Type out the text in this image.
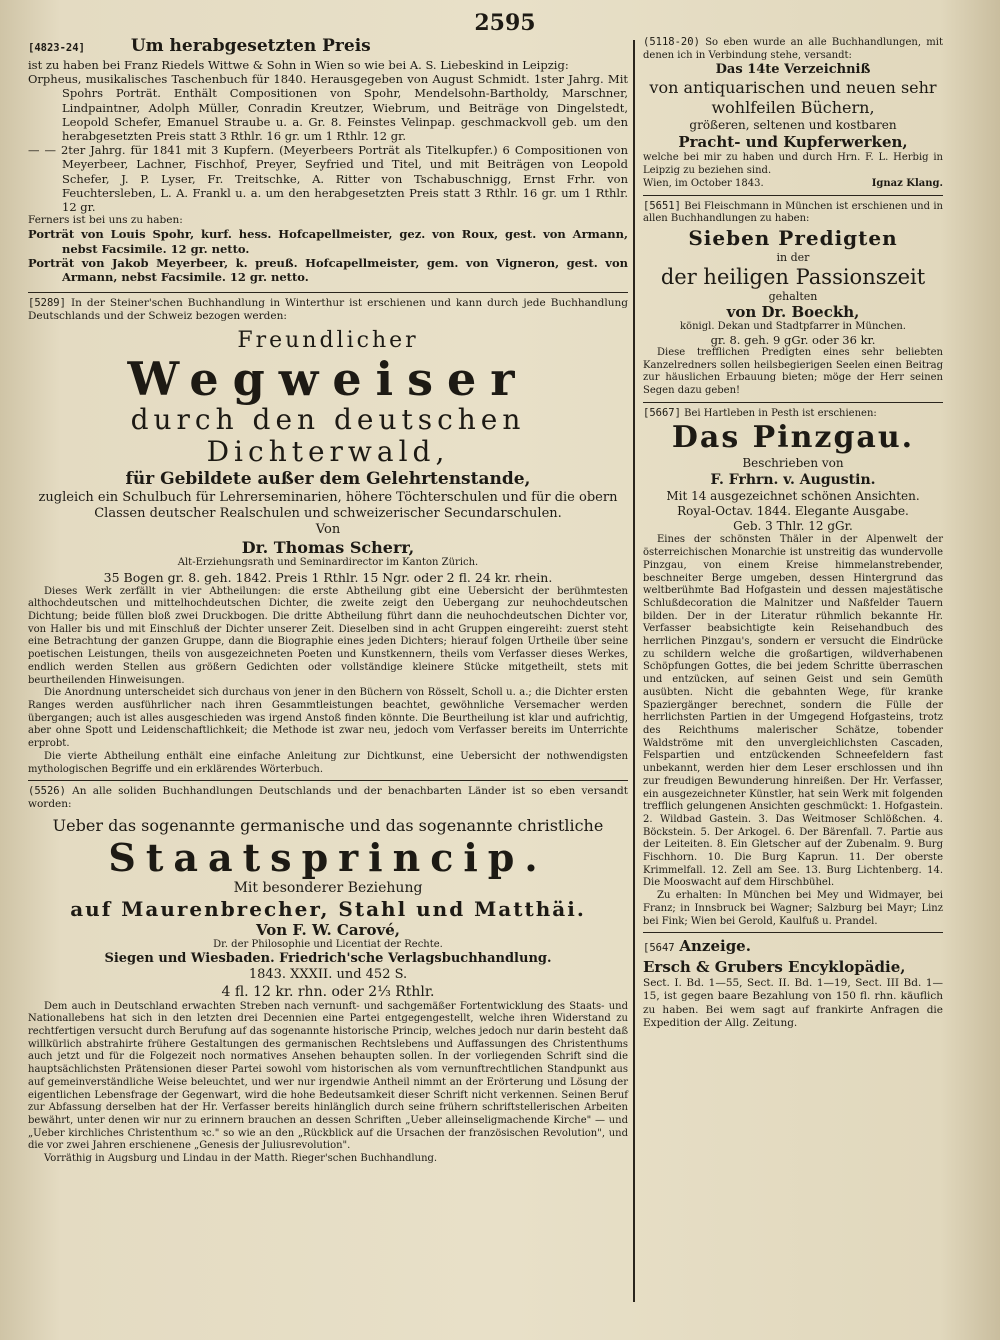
2595

[4823-24]	Um herabgesetzten Preis

ist zu haben bei Franz Riedels Wittwe & Sohn in Wien so wie bei A. S. Liebeskind in Leipzig:

Orpheus, musikalisches Taschenbuch für 1840. Herausgegeben von August Schmidt. 1ster Jahrg. Mit Spohrs Porträt. Enthält Compositionen von Spohr, Mendelsohn-Bartholdy, Marschner, Lindpaintner, Adolph Müller, Conradin Kreutzer, Wiebrum, und Beiträge von Dingelstedt, Leopold Schefer, Emanuel Straube u. a. Gr. 8. Feinstes Velinpap. geschmackvoll geb. um den herabgesetzten Preis statt 3 Rthlr. 16 gr. um 1 Rthlr. 12 gr.

— — 2ter Jahrg. für 1841 mit 3 Kupfern. (Meyerbeers Porträt als Titelkupfer.) 6 Compositionen von Meyerbeer, Lachner, Fischhof, Preyer, Seyfried und Titel, und mit Beiträgen von Leopold Schefer, J. P. Lyser, Fr. Treitschke, A. Ritter von Tschabuschnigg, Ernst Frhr. von Feuchtersleben, L. A. Frankl u. a. um den herabgesetzten Preis statt 3 Rthlr. 16 gr. um 1 Rthlr. 12 gr.

Ferners ist bei uns zu haben:

Porträt von Louis Spohr, kurf. hess. Hofcapellmeister, gez. von Roux, gest. von Armann, nebst Facsimile. 12 gr. netto.

Porträt von Jakob Meyerbeer, k. preuß. Hofcapellmeister, gem. von Vigneron, gest. von Armann, nebst Facsimile. 12 gr. netto.

[5289] In der Steiner'schen Buchhandlung in Winterthur ist erschienen und kann durch jede Buchhandlung Deutschlands und der Schweiz bezogen werden:

Freundlicher

Wegweiser

durch den deutschen Dichterwald,

für Gebildete außer dem Gelehrtenstande,

zugleich ein Schulbuch für Lehrerseminarien, höhere Töchterschulen und für die obern Classen deutscher Realschulen und schweizerischer Secundarschulen.

Von

Dr. Thomas Scherr,

Alt-Erziehungsrath und Seminardirector im Kanton Zürich.

35 Bogen gr. 8. geh. 1842. Preis 1 Rthlr. 15 Ngr. oder 2 fl. 24 kr. rhein.

Dieses Werk zerfällt in vier Abtheilungen: die erste Abtheilung gibt eine Uebersicht der berühmtesten althochdeutschen und mittelhochdeutschen Dichter, die zweite zeigt den Uebergang zur neuhochdeutschen Dichtung; beide füllen bloß zwei Druckbogen. Die dritte Abtheilung führt dann die neuhochdeutschen Dichter vor, von Haller bis und mit Einschluß der Dichter unserer Zeit. Dieselben sind in acht Gruppen eingereiht: zuerst steht eine Betrachtung der ganzen Gruppe, dann die Biographie eines jeden Dichters; hierauf folgen Urtheile über seine poetischen Leistungen, theils von ausgezeichneten Poeten und Kunstkennern, theils vom Verfasser dieses Werkes, endlich werden Stellen aus größern Gedichten oder vollständige kleinere Stücke mitgetheilt, stets mit beurtheilenden Hinweisungen.

Die Anordnung unterscheidet sich durchaus von jener in den Büchern von Rösselt, Scholl u. a.; die Dichter ersten Ranges werden ausführlicher nach ihren Gesammtleistungen beachtet, gewöhnliche Versemacher werden übergangen; auch ist alles ausgeschieden was irgend Anstoß finden könnte. Die Beurtheilung ist klar und aufrichtig, aber ohne Spott und Leidenschaftlichkeit; die Methode ist zwar neu, jedoch vom Verfasser bereits im Unterrichte erprobt.

Die vierte Abtheilung enthält eine einfache Anleitung zur Dichtkunst, eine Uebersicht der nothwendigsten mythologischen Begriffe und ein erklärendes Wörterbuch.

(5526) An alle soliden Buchhandlungen Deutschlands und der benachbarten Länder ist so eben versandt worden:

Ueber das sogenannte germanische und das sogenannte christliche

Staatsprincip.

Mit besonderer Beziehung

auf Maurenbrecher, Stahl und Matthäi.

Von F. W. Carové,

Dr. der Philosophie und Licentiat der Rechte.

Siegen und Wiesbaden. Friedrich'sche Verlagsbuchhandlung.

1843. XXXII. und 452 S.

4 fl. 12 kr. rhn. oder 2⅓ Rthlr.

Dem auch in Deutschland erwachten Streben nach vernunft- und sachgemäßer Fortentwicklung des Staats- und Nationallebens hat sich in den letzten drei Decennien eine Partei entgegengestellt, welche ihren Widerstand zu rechtfertigen versucht durch Berufung auf das sogenannte historische Princip, welches jedoch nur darin besteht daß willkürlich abstrahirte frühere Gestaltungen des germanischen Rechtslebens und Auffassungen des Christenthums auch jetzt und für die Folgezeit noch normatives Ansehen behaupten sollen. In der vorliegenden Schrift sind die hauptsächlichsten Prätensionen dieser Partei sowohl vom historischen als vom vernunftrechtlichen Standpunkt aus auf gemeinverständliche Weise beleuchtet, und wer nur irgendwie Antheil nimmt an der Erörterung und Lösung der eigentlichen Lebensfrage der Gegenwart, wird die hohe Bedeutsamkeit dieser Schrift nicht verkennen. Seinen Beruf zur Abfassung derselben hat der Hr. Verfasser bereits hinlänglich durch seine frühern schriftstellerischen Arbeiten bewährt, unter denen wir nur zu erinnern brauchen an dessen Schriften „Ueber alleinseligmachende Kirche" — und „Ueber kirchliches Christenthum ꝛc." so wie an den „Rückblick auf die Ursachen der französischen Revolution", und die vor zwei Jahren erschienene „Genesis der Juliusrevolution".

Vorräthig in Augsburg und Lindau in der Matth. Rieger'schen Buchhandlung.

(5118-20) So eben wurde an alle Buchhandlungen, mit denen ich in Verbindung stehe, versandt:

Das 14te Verzeichniß

von antiquarischen und neuen sehr wohlfeilen Büchern,

größeren, seltenen und kostbaren

Pracht- und Kupferwerken,

welche bei mir zu haben und durch Hrn. F. L. Herbig in Leipzig zu beziehen sind.

Wien, im October 1843.	Ignaz Klang.

[5651] Bei Fleischmann in München ist erschienen und in allen Buchhandlungen zu haben:

Sieben Predigten

in der

der heiligen Passionszeit

gehalten

von Dr. Boeckh,

königl. Dekan und Stadtpfarrer in München.

gr. 8. geh. 9 gGr. oder 36 kr.

Diese trefflichen Predigten eines sehr beliebten Kanzelredners sollen heilsbegierigen Seelen einen Beitrag zur häuslichen Erbauung bieten; möge der Herr seinen Segen dazu geben!

[5667] Bei Hartleben in Pesth ist erschienen:

Das Pinzgau.

Beschrieben von

F. Frhrn. v. Augustin.

Mit 14 ausgezeichnet schönen Ansichten.

Royal-Octav. 1844. Elegante Ausgabe.

Geb. 3 Thlr. 12 gGr.

Eines der schönsten Thäler in der Alpenwelt der österreichischen Monarchie ist unstreitig das wundervolle Pinzgau, von einem Kreise himmelanstrebender, beschneiter Berge umgeben, dessen Hintergrund das weltberühmte Bad Hofgastein und dessen majestätische Schlußdecoration die Malnitzer und Naßfelder Tauern bilden. Der in der Literatur rühmlich bekannte Hr. Verfasser beabsichtigte kein Reisehandbuch des herrlichen Pinzgau's, sondern er versucht die Eindrücke zu schildern welche die großartigen, wildverhabenen Schöpfungen Gottes, die bei jedem Schritte überraschen und entzücken, auf seinen Geist und sein Gemüth ausübten. Nicht die gebahnten Wege, für kranke Spaziergänger berechnet, sondern die Fülle der herrlichsten Partien in der Umgegend Hofgasteins, trotz des Reichthums malerischer Schätze, tobender Waldströme mit den unvergleichlichsten Cascaden, Felspartien und entzückenden Schneefeldern fast unbekannt, werden hier dem Leser erschlossen und ihn zur freudigen Bewunderung hinreißen. Der Hr. Verfasser, ein ausgezeichneter Künstler, hat sein Werk mit folgenden trefflich gelungenen Ansichten geschmückt: 1. Hofgastein. 2. Wildbad Gastein. 3. Das Weitmoser Schlößchen. 4. Böckstein. 5. Der Arkogel. 6. Der Bärenfall. 7. Partie aus der Leiteiten. 8. Ein Gletscher auf der Zubenalm. 9. Burg Fischhorn. 10. Die Burg Kaprun. 11. Der oberste Krimmelfall. 12. Zell am See. 13. Burg Lichtenberg. 14. Die Mooswacht auf dem Hirschbühel.

Zu erhalten: In München bei Mey und Widmayer, bei Franz; in Innsbruck bei Wagner; Salzburg bei Mayr; Linz bei Fink; Wien bei Gerold, Kaulfuß u. Prandel.

[5647 Anzeige.

Ersch & Grubers Encyklopädie,

Sect. I. Bd. 1—55, Sect. II. Bd. 1—19, Sect. III Bd. 1—15, ist gegen baare Bezahlung von 150 fl. rhn. käuflich zu haben. Bei wem sagt auf frankirte Anfragen die Expedition der Allg. Zeitung.
